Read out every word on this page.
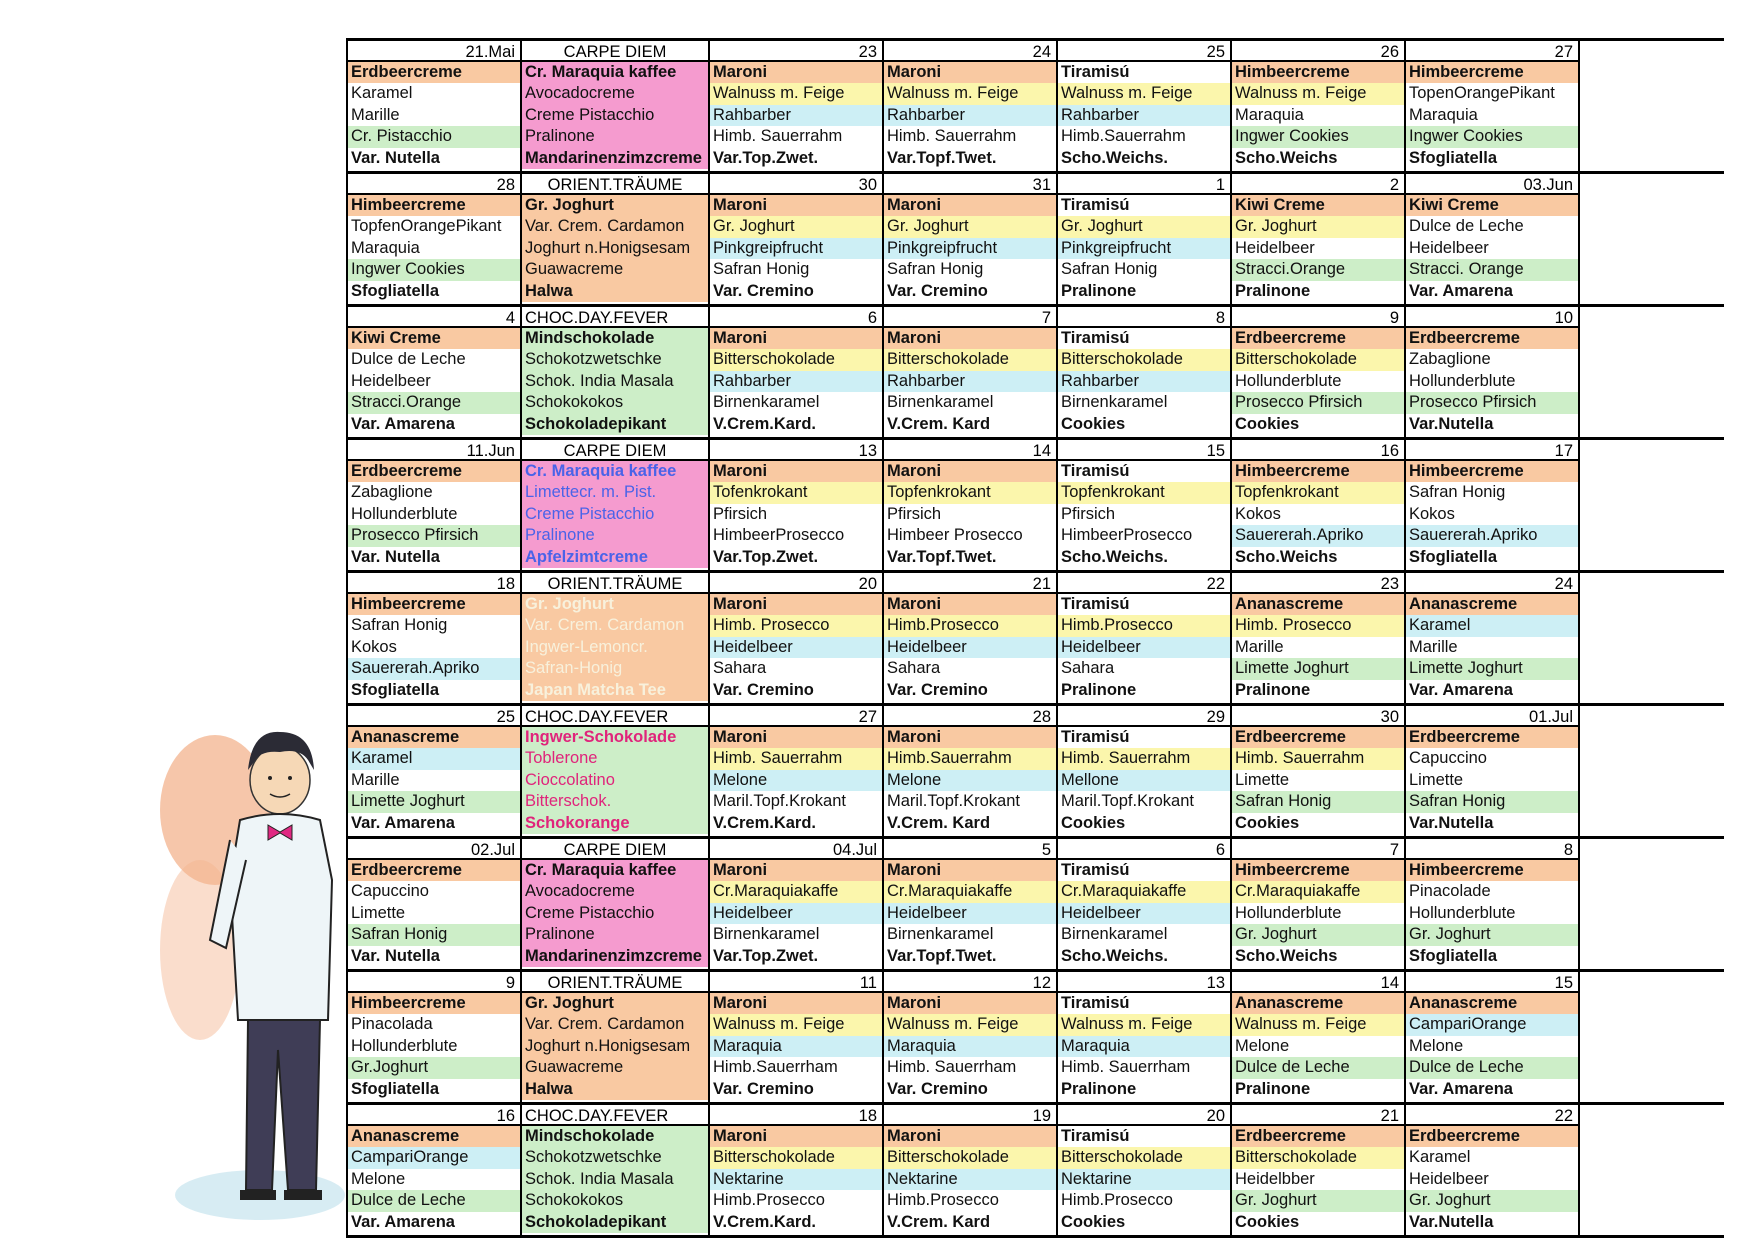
21.Mai
Erdbeercreme
Karamel
Marille
Cr. Pistacchio
Var. Nutella
CARPE DIEM
Cr. Maraquia kaffee
Avocadocreme
Creme Pistacchio
Pralinone
Mandarinenzimzcreme
23
Maroni
Walnuss m. Feige
Rahbarber
Himb. Sauerrahm
Var.Top.Zwet.
24
Maroni
Walnuss m. Feige
Rahbarber
Himb. Sauerrahm
Var.Topf.Twet.
25
Tiramisú
Walnuss m. Feige
Rahbarber
Himb.Sauerrahm
Scho.Weichs.
26
Himbeercreme
Walnuss m. Feige
Maraquia
Ingwer Cookies
Scho.Weichs
27
Himbeercreme
TopenOrangePikant
Maraquia
Ingwer Cookies
Sfogliatella
28
Himbeercreme
TopfenOrangePikant
Maraquia
Ingwer Cookies
Sfogliatella
ORIENT.TRÄUME
Gr. Joghurt
Var. Crem. Cardamon
Joghurt n.Honigsesam
Guawacreme
Halwa
30
Maroni
Gr. Joghurt
Pinkgreipfrucht
Safran Honig
Var. Cremino
31
Maroni
Gr. Joghurt
Pinkgreipfrucht
Safran Honig
Var. Cremino
1
Tiramisú
Gr. Joghurt
Pinkgreipfrucht
Safran Honig
Pralinone
2
Kiwi Creme
Gr. Joghurt
Heidelbeer
Stracci.Orange
Pralinone
03.Jun
Kiwi Creme
Dulce de Leche
Heidelbeer
Stracci. Orange
Var. Amarena
4
Kiwi Creme
Dulce de Leche
Heidelbeer
Stracci.Orange
Var. Amarena
CHOC.DAY.FEVER
Mindschokolade
Schokotzwetschke
Schok. India Masala
Schokokokos
Schokoladepikant
6
Maroni
Bitterschokolade
Rahbarber
Birnenkaramel
V.Crem.Kard.
7
Maroni
Bitterschokolade
Rahbarber
Birnenkaramel
V.Crem. Kard
8
Tiramisú
Bitterschokolade
Rahbarber
Birnenkaramel
Cookies
9
Erdbeercreme
Bitterschokolade
Hollunderblute
Prosecco Pfirsich
Cookies
10
Erdbeercreme
Zabaglione
Hollunderblute
Prosecco Pfirsich
Var.Nutella
11.Jun
Erdbeercreme
Zabaglione
Hollunderblute
Prosecco Pfirsich
Var. Nutella
CARPE DIEM
Cr. Maraquia kaffee
Limettecr. m. Pist.
Creme Pistacchio
Pralinone
Apfelzimtcreme
13
Maroni
Tofenkrokant
Pfirsich
HimbeerProsecco
Var.Top.Zwet.
14
Maroni
Topfenkrokant
Pfirsich
Himbeer Prosecco
Var.Topf.Twet.
15
Tiramisú
Topfenkrokant
Pfirsich
HimbeerProsecco
Scho.Weichs.
16
Himbeercreme
Topfenkrokant
Kokos
Sauererah.Apriko
Scho.Weichs
17
Himbeercreme
Safran Honig
Kokos
Sauererah.Apriko
Sfogliatella
18
Himbeercreme
Safran Honig
Kokos
Sauererah.Apriko
Sfogliatella
ORIENT.TRÄUME
Gr. Joghurt
Var. Crem. Cardamon
Ingwer-Lemoncr.
Safran-Honig
Japan Matcha Tee
20
Maroni
Himb. Prosecco
Heidelbeer
Sahara
Var. Cremino
21
Maroni
Himb.Prosecco
Heidelbeer
Sahara
Var. Cremino
22
Tiramisú
Himb.Prosecco
Heidelbeer
Sahara
Pralinone
23
Ananascreme
Himb. Prosecco
Marille
Limette Joghurt
Pralinone
24
Ananascreme
Karamel
Marille
Limette Joghurt
Var. Amarena
25
Ananascreme
Karamel
Marille
Limette Joghurt
Var. Amarena
CHOC.DAY.FEVER
Ingwer-Schokolade
Toblerone
Cioccolatino
Bitterschok.
Schokorange
27
Maroni
Himb. Sauerrahm
Melone
Maril.Topf.Krokant
V.Crem.Kard.
28
Maroni
Himb.Sauerrahm
Melone
Maril.Topf.Krokant
V.Crem. Kard
29
Tiramisú
Himb. Sauerrahm
Mellone
Maril.Topf.Krokant
Cookies
30
Erdbeercreme
Himb. Sauerrahm
Limette
Safran Honig
Cookies
01.Jul
Erdbeercreme
Capuccino
Limette
Safran Honig
Var.Nutella
02.Jul
Erdbeercreme
Capuccino
Limette
Safran Honig
Var. Nutella
CARPE DIEM
Cr. Maraquia kaffee
Avocadocreme
Creme Pistacchio
Pralinone
Mandarinenzimzcreme
04.Jul
Maroni
Cr.Maraquiakaffe
Heidelbeer
Birnenkaramel
Var.Top.Zwet.
5
Maroni
Cr.Maraquiakaffe
Heidelbeer
Birnenkaramel
Var.Topf.Twet.
6
Tiramisú
Cr.Maraquiakaffe
Heidelbeer
Birnenkaramel
Scho.Weichs.
7
Himbeercreme
Cr.Maraquiakaffe
Hollunderblute
Gr. Joghurt
Scho.Weichs
8
Himbeercreme
Pinacolade
Hollunderblute
Gr. Joghurt
Sfogliatella
9
Himbeercreme
Pinacolada
Hollunderblute
Gr.Joghurt
Sfogliatella
ORIENT.TRÄUME
Gr. Joghurt
Var. Crem. Cardamon
Joghurt n.Honigsesam
Guawacreme
Halwa
11
Maroni
Walnuss m. Feige
Maraquia
Himb.Sauerrham
Var. Cremino
12
Maroni
Walnuss m. Feige
Maraquia
Himb. Sauerrham
Var. Cremino
13
Tiramisú
Walnuss m. Feige
Maraquia
Himb. Sauerrham
Pralinone
14
Ananascreme
Walnuss m. Feige
Melone
Dulce de Leche
Pralinone
15
Ananascreme
CampariOrange
Melone
Dulce de Leche
Var. Amarena
16
Ananascreme
CampariOrange
Melone
Dulce de Leche
Var. Amarena
CHOC.DAY.FEVER
Mindschokolade
Schokotzwetschke
Schok. India Masala
Schokokokos
Schokoladepikant
18
Maroni
Bitterschokolade
Nektarine
Himb.Prosecco
V.Crem.Kard.
19
Maroni
Bitterschokolade
Nektarine
Himb.Prosecco
V.Crem. Kard
20
Tiramisú
Bitterschokolade
Nektarine
Himb.Prosecco
Cookies
21
Erdbeercreme
Bitterschokolade
Heidelbber
Gr. Joghurt
Cookies
22
Erdbeercreme
Karamel
Heidelbeer
Gr. Joghurt
Var.Nutella
